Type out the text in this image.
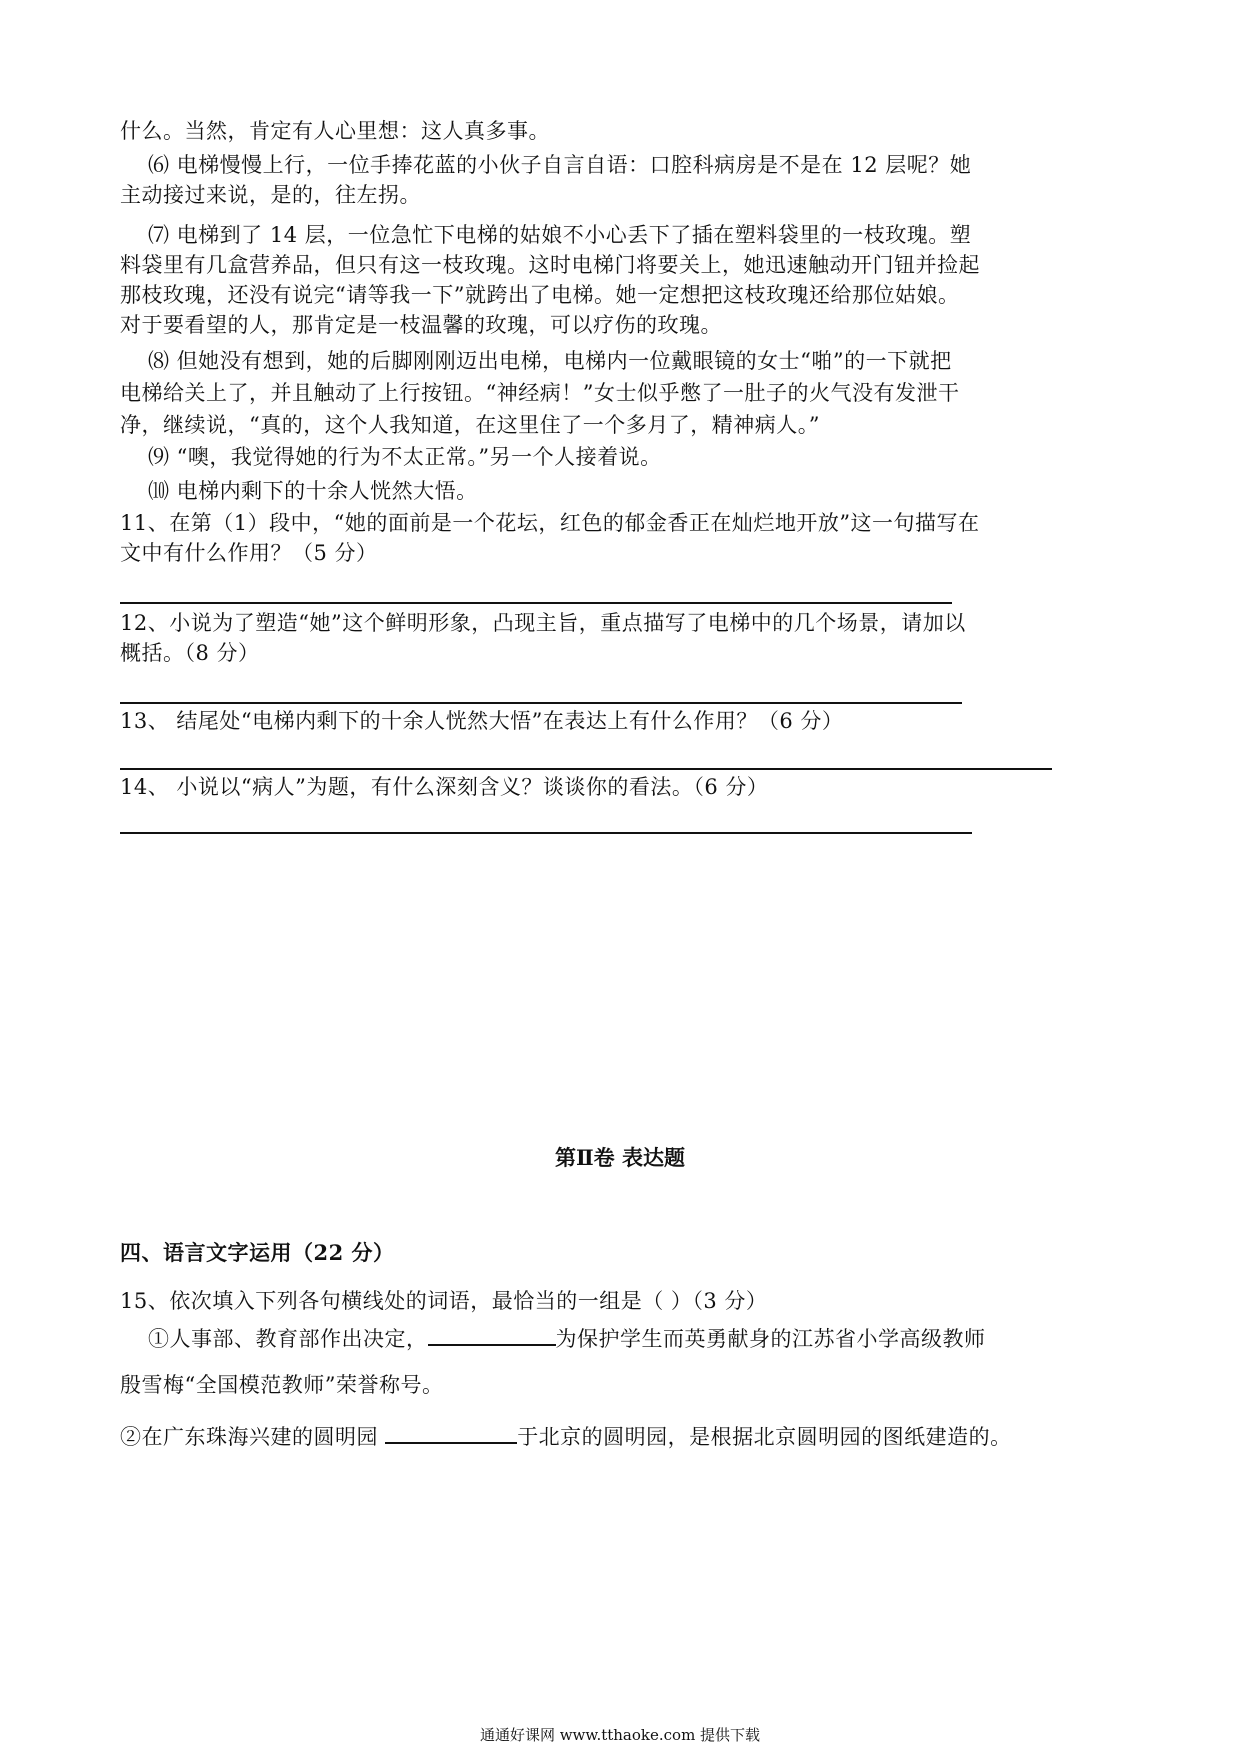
什么。当然，肯定有人心里想：这人真多事。
⑹ 电梯慢慢上行，一位手捧花蓝的小伙子自言自语：口腔科病房是不是在 12 层呢？她
主动接过来说，是的，往左拐。
⑺ 电梯到了 14 层，一位急忙下电梯的姑娘不小心丢下了插在塑料袋里的一枝玫瑰。塑
料袋里有几盒营养品，但只有这一枝玫瑰。这时电梯门将要关上，她迅速触动开门钮并捡起
那枝玫瑰，还没有说完“请等我一下”就跨出了电梯。她一定想把这枝玫瑰还给那位姑娘。
对于要看望的人，那肯定是一枝温馨的玫瑰，可以疗伤的玫瑰。
⑻ 但她没有想到，她的后脚刚刚迈出电梯，电梯内一位戴眼镜的女士“啪”的一下就把
电梯给关上了，并且触动了上行按钮。“神经病！”女士似乎憋了一肚子的火气没有发泄干
净，继续说，“真的，这个人我知道，在这里住了一个多月了，精神病人。”
⑼ “噢，我觉得她的行为不太正常。”另一个人接着说。
⑽ 电梯内剩下的十余人恍然大悟。
11、在第（1）段中，“她的面前是一个花坛，红色的郁金香正在灿烂地开放”这一句描写在
文中有什么作用？（5 分）
12、小说为了塑造“她”这个鲜明形象，凸现主旨，重点描写了电梯中的几个场景，请加以
概括。（8 分）
13、 结尾处“电梯内剩下的十余人恍然大悟”在表达上有什么作用？（6 分）
14、 小说以“病人”为题，有什么深刻含义？谈谈你的看法。（6 分）
第Ⅱ卷 表达题
四、语言文字运用（22 分）
15、依次填入下列各句横线处的词语，最恰当的一组是（ ）（3 分）
①人事部、教育部作出决定，	为保护学生而英勇献身的江苏省小学高级教师
殷雪梅“全国模范教师”荣誉称号。
②在广东珠海兴建的圆明园	于北京的圆明园，是根据北京圆明园的图纸建造的。
通通好课网 www.tthaoke.com 提供下载
